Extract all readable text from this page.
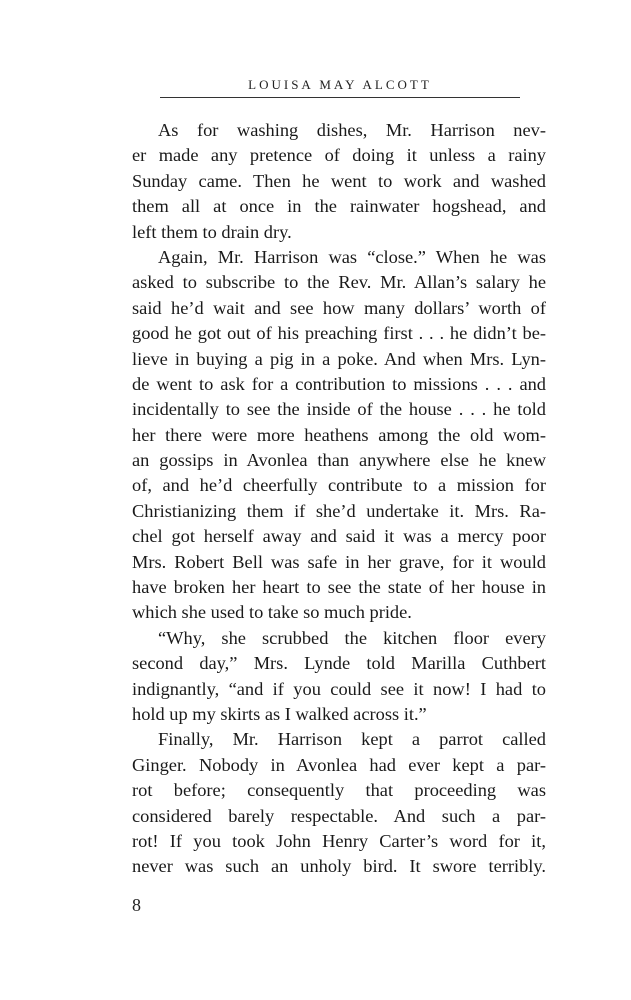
LOUISA MAY ALCOTT
As for washing dishes, Mr. Harrison nev-
er made any pretence of doing it unless a rainy
Sunday came. Then he went to work and washed
them all at once in the rainwater hogshead, and
left them to drain dry.
Again, Mr. Harrison was “close.” When he was
asked to subscribe to the Rev. Mr. Allan’s salary he
said he’d wait and see how many dollars’ worth of
good he got out of his preaching first . . . he didn’t be-
lieve in buying a pig in a poke. And when Mrs. Lyn-
de went to ask for a contribution to missions . . . and
incidentally to see the inside of the house . . . he told
her there were more heathens among the old wom-
an gossips in Avonlea than anywhere else he knew
of, and he’d cheerfully contribute to a mission for
Christianizing them if she’d undertake it. Mrs. Ra-
chel got herself away and said it was a mercy poor
Mrs. Robert Bell was safe in her grave, for it would
have broken her heart to see the state of her house in
which she used to take so much pride.
“Why, she scrubbed the kitchen floor every
second day,” Mrs. Lynde told Marilla Cuthbert
indignantly, “and if you could see it now! I had to
hold up my skirts as I walked across it.”
Finally, Mr. Harrison kept a parrot called
Ginger. Nobody in Avonlea had ever kept a par-
rot before; consequently that proceeding was
considered barely respectable. And such a par-
rot! If you took John Henry Carter’s word for it,
never was such an unholy bird. It swore terribly.
8
